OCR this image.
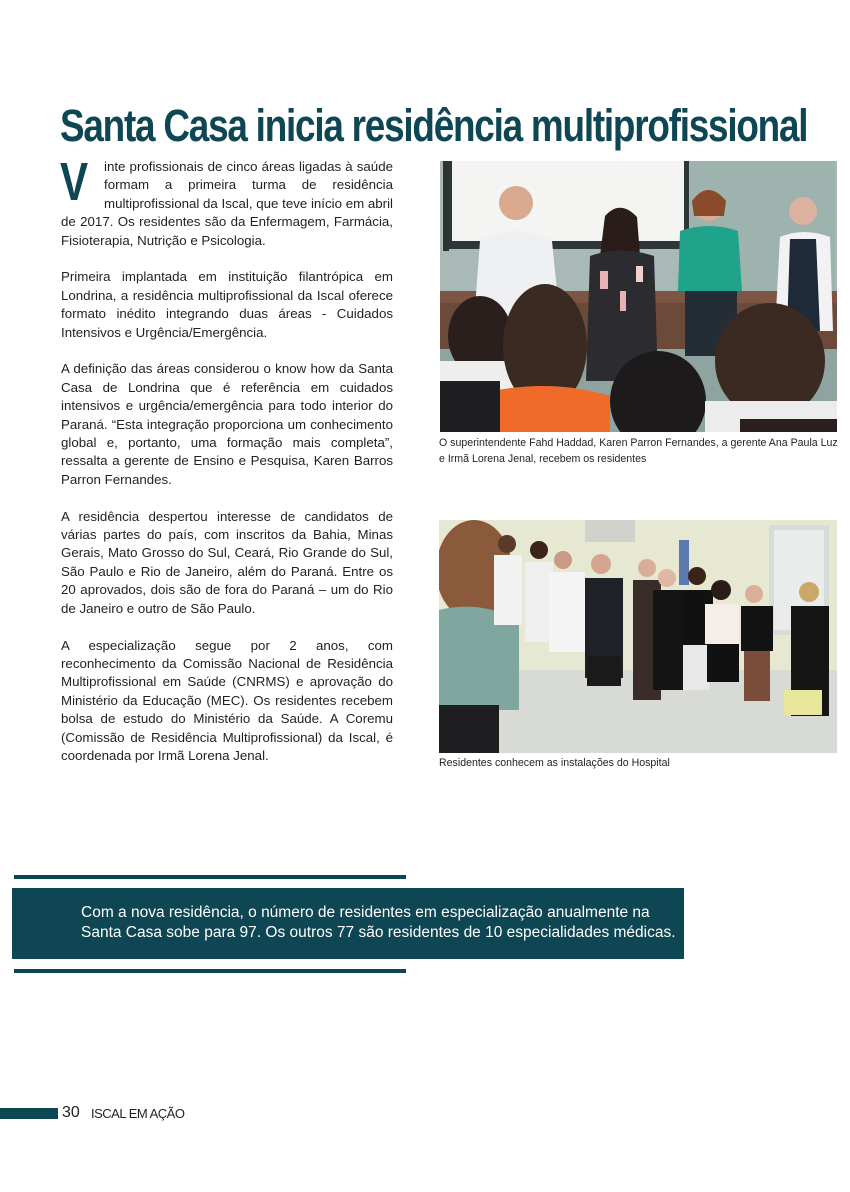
Santa Casa inicia residência multiprofissional

V inte profissionais de cinco áreas ligadas à saúde formam a primeira turma de residência multiprofissional da Iscal, que teve início em abril de 2017. Os residentes são da Enfermagem, Farmácia, Fisioterapia, Nutrição e Psicologia.

Primeira implantada em instituição filantrópica em Londrina, a residência multiprofissional da Iscal oferece formato inédito integrando duas áreas - Cuidados Intensivos e Urgência/Emergência.

A definição das áreas considerou o know how da Santa Casa de Londrina que é referência em cuidados intensivos e urgência/emergência para todo interior do Paraná. “Esta integração proporciona um conhecimento global e, portanto, uma formação mais completa”, ressalta a gerente de Ensino e Pesquisa, Karen Barros Parron Fernandes.

A residência despertou interesse de candidatos de várias partes do país, com inscritos da Bahia, Minas Gerais, Mato Grosso do Sul, Ceará, Rio Grande do Sul, São Paulo e Rio de Janeiro, além do Paraná. Entre os 20 aprovados, dois são de fora do Paraná – um do Rio de Janeiro e outro de São Paulo.

A especialização segue por 2 anos, com reconhecimento da Comissão Nacional de Residência Multiprofissional em Saúde (CNRMS) e aprovação do Ministério da Educação (MEC). Os residentes recebem bolsa de estudo do Ministério da Saúde. A Coremu (Comissão de Residência Multiprofissional) da Iscal, é coordenada por Irmã Lorena Jenal.

O superintendente Fahd Haddad, Karen Parron Fernandes, a gerente Ana Paula Luz e Irmã Lorena Jenal, recebem os residentes
Residentes conhecem as instalações do Hospital
Com a nova residência, o número de residentes em especialização anualmente na Santa Casa sobe para 97. Os outros 77 são residentes de 10 especialidades médicas.
30 ISCAL EM AÇÃO
